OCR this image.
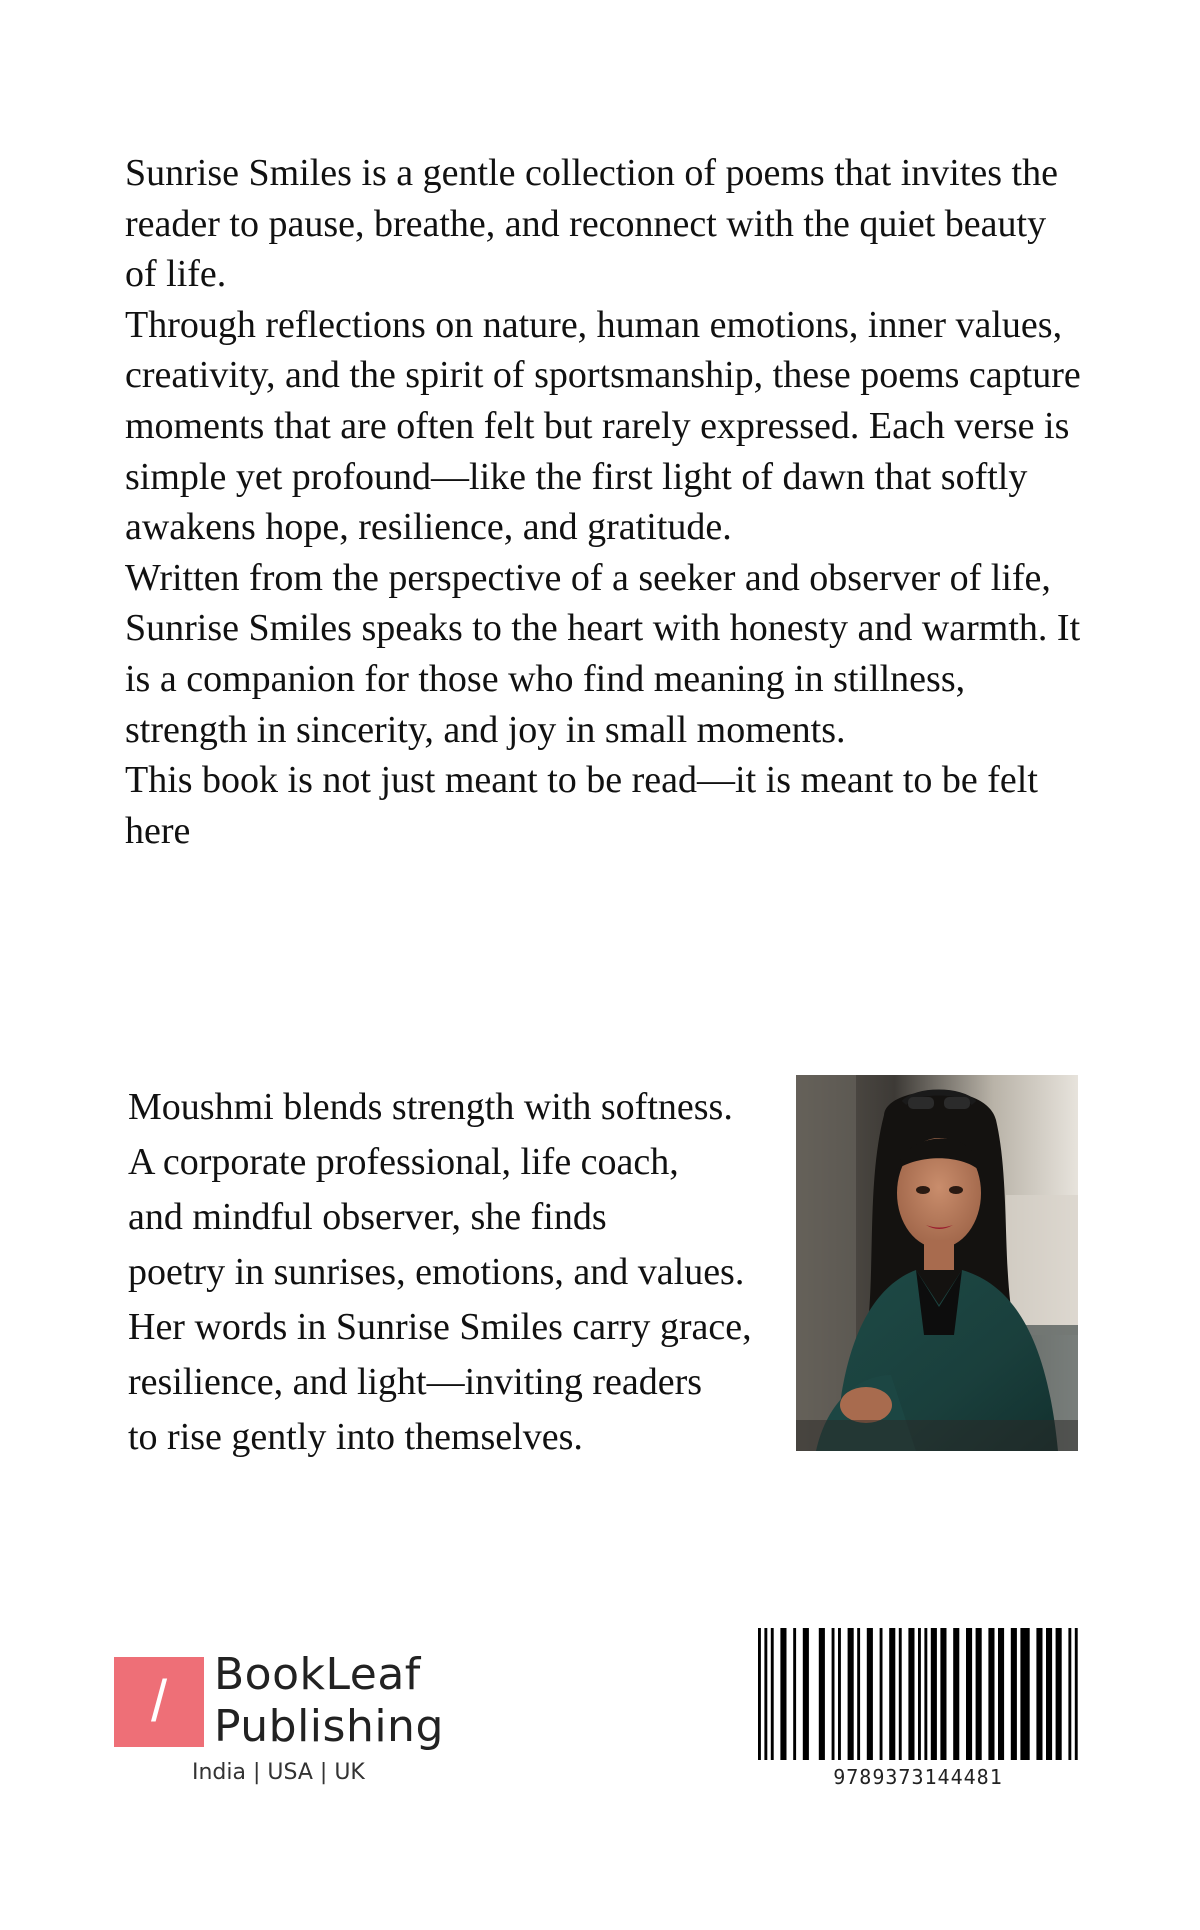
Sunrise Smiles is a gentle collection of poems that invites the reader to pause, breathe, and reconnect with the quiet beauty of life.

Through reflections on nature, human emotions, inner values, creativity, and the spirit of sportsmanship, these poems capture moments that are often felt but rarely expressed. Each verse is simple yet profound—like the first light of dawn that softly awakens hope, resilience, and gratitude.

Written from the perspective of a seeker and observer of life, Sunrise Smiles speaks to the heart with honesty and warmth. It is a companion for those who find meaning in stillness, strength in sincerity, and joy in small moments.

This book is not just meant to be read—it is meant to be felt here

Moushmi blends strength with softness.
A corporate professional, life coach,
and mindful observer, she finds
poetry in sunrises, emotions, and values.
Her words in Sunrise Smiles carry grace,
resilience, and light—inviting readers
to rise gently into themselves.
/	BookLeaf
Publishing
India | USA | UK	9789373144481
